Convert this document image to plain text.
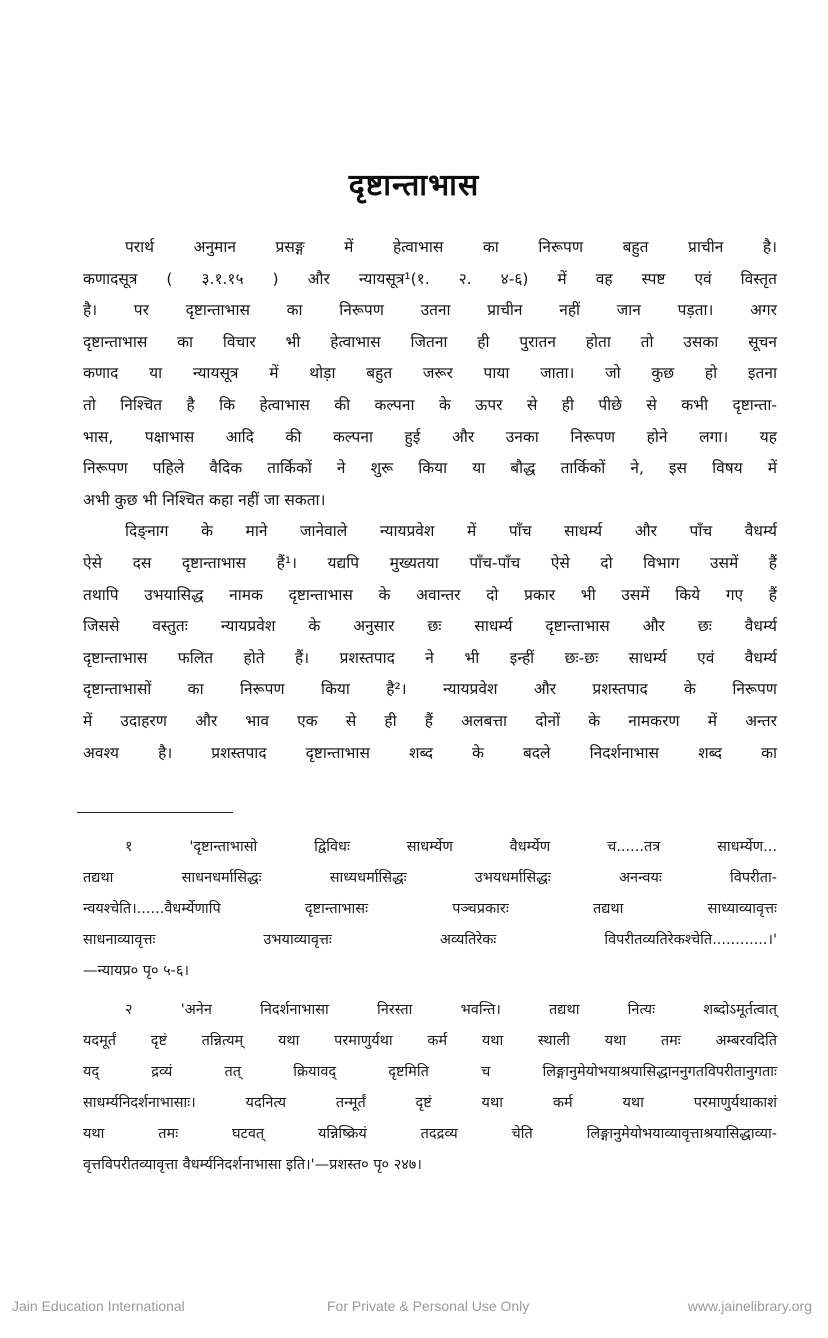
दृष्टान्ताभास
परार्थ अनुमान प्रसङ्ग में हेत्वाभास का निरूपण बहुत प्राचीन है।
कणादसूत्र ( ३.१.१५ ) और न्यायसूत्र¹(१. २. ४-६) में वह स्पष्ट एवं विस्तृत
है। पर दृष्टान्ताभास का निरूपण उतना प्राचीन नहीं जान पड़ता। अगर
दृष्टान्ताभास का विचार भी हेत्वाभास जितना ही पुरातन होता तो उसका सूचन
कणाद या न्यायसूत्र में थोड़ा बहुत जरूर पाया जाता। जो कुछ हो इतना
तो निश्चित है कि हेत्वाभास की कल्पना के ऊपर से ही पीछे से कभी दृष्टान्ता-
भास, पक्षाभास आदि की कल्पना हुई और उनका निरूपण होने लगा। यह
निरूपण पहिले वैदिक तार्किकों ने शुरू किया या बौद्ध तार्किकों ने, इस विषय में
अभी कुछ भी निश्चित कहा नहीं जा सकता।
दिङ्नाग के माने जानेवाले न्यायप्रवेश में पाँच साधर्म्य और पाँच वैधर्म्य
ऐसे दस दृष्टान्ताभास हैं¹। यद्यपि मुख्यतया पाँच-पाँच ऐसे दो विभाग उसमें हैं
तथापि उभयासिद्ध नामक दृष्टान्ताभास के अवान्तर दो प्रकार भी उसमें किये गए हैं
जिससे वस्तुतः न्यायप्रवेश के अनुसार छः साधर्म्य दृष्टान्ताभास और छः वैधर्म्य
दृष्टान्ताभास फलित होते हैं। प्रशस्तपाद ने भी इन्हीं छः-छः साधर्म्य एवं वैधर्म्य
दृष्टान्ताभासों का निरूपण किया है²। न्यायप्रवेश और प्रशस्तपाद के निरूपण
में उदाहरण और भाव एक से ही हैं अलबत्ता दोनों के नामकरण में अन्तर
अवश्य है। प्रशस्तपाद दृष्टान्ताभास शब्द के बदले निदर्शनाभास शब्द का
१ 'दृष्टान्ताभासो द्विविधः साधर्म्येण वैधर्म्येण च......तत्र साधर्म्येण...
तद्यथा साधनधर्मासिद्धः साध्यधर्मासिद्धः उभयधर्मासिद्धः अनन्वयः विपरीता-
न्वयश्चेति।......वैधर्म्येणापि दृष्टान्ताभासः पञ्चप्रकारः तद्यथा साध्याव्यावृत्तः
साधनाव्यावृत्तः उभयाव्यावृत्तः अव्यतिरेकः विपरीतव्यतिरेकश्चेति............।'
—न्यायप्र० पृ० ५-६।
२ 'अनेन निदर्शनाभासा निरस्ता भवन्ति। तद्यथा नित्यः शब्दोऽमूर्तत्वात्
यदमूर्तं दृष्टं तन्नित्यम् यथा परमाणुर्यथा कर्म यथा स्थाली यथा तमः अम्बरवदिति
यद् द्रव्यं तत् क्रियावद् दृष्टमिति च लिङ्गानुमेयोभयाश्रयासिद्धाननुगतविपरीतानुगताः
साधर्म्यनिदर्शनाभासाः। यदनित्य तन्मूर्तं दृष्टं यथा कर्म यथा परमाणुर्यथाकाशं
यथा तमः घटवत् यन्निष्क्रियं तदद्रव्य चेति लिङ्गानुमेयोभयाव्यावृत्ताश्रयासिद्धाव्या-
वृत्तविपरीतव्यावृत्ता वैधर्म्यनिदर्शनाभासा इति।'—प्रशस्त० पृ० २४७।
Jain Education International	For Private & Personal Use Only	www.jainelibrary.org
